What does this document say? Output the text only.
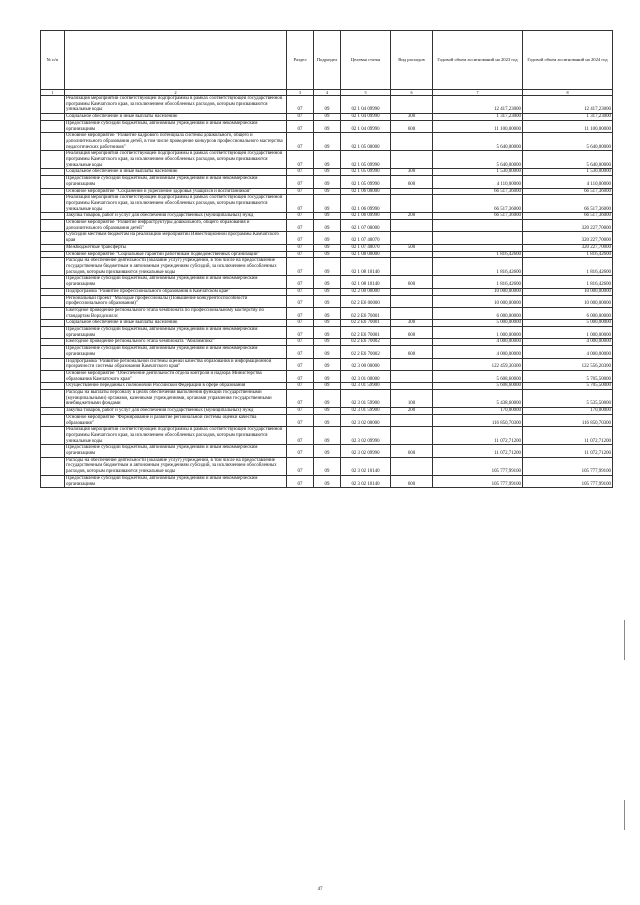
№ п/п		Раздел	Подраздел	Целевая статья	Вид расходов	Годовой объем ассигнований на 2023 год	Годовой объем ассигнований на 2024 год
1	2	3	4	5	6	7	8
	Реализация мероприятий соответствующей подпрограммы в рамках соответствующей государственной программы Камчатского края, за исключением обособленных расходов, которым присваиваются уникальные коды	07	09	02 1 04 09990		12 417,23000	12 417,23000
	Социальное обеспечение и иные выплаты населению	07	09	02 1 04 09990	300	1 317,23000	1 317,23000
	Предоставление субсидий бюджетным, автономным учреждениям и иным некоммерческим организациям	07	09	02 1 04 09990	600	11 100,00000	11 100,00000
	Основное мероприятие "Развитие кадрового потенциала системы дошкольного, общего и дополнительного образования детей, в том числе проведение конкурсов профессионального мастерства педагогических работников"	07	09	02 1 05 00000		5 640,00000	5 640,00000
	Реализация мероприятий соответствующей подпрограммы в рамках соответствующей государственной программы Камчатского края, за исключением обособленных расходов, которым присваиваются уникальные коды	07	09	02 1 05 09990		5 640,00000	5 640,00000
	Социальное обеспечение и иные выплаты населению	07	09	02 1 05 09990	300	1 530,00000	1 530,00000
	Предоставление субсидий бюджетным, автономным учреждениям и иным некоммерческим организациям	07	09	02 1 05 09990	600	4 110,00000	4 110,00000
	Основное мероприятие "Сохранение и укрепление здоровья учащихся и воспитанников"	07	09	02 1 06 00000		66 517,36000	66 517,36000
	Реализация мероприятий соответствующей подпрограммы в рамках соответствующей государственной программы Камчатского края, за исключением обособленных расходов, которым присваиваются уникальные коды	07	09	02 1 06 09990		66 517,36000	66 517,36000
	Закупка товаров, работ и услуг для обеспечения государственных (муниципальных) нужд	07	09	02 1 06 09990	200	66 517,36000	66 517,36000
	Основное мероприятие "Развитие инфраструктуры дошкольного, общего образования и дополнительного образования детей"	07	09	02 1 07 00000			320 227,70000
	Субсидии местным бюджетам на реализацию мероприятий Инвестиционной программы Камчатского края	07	09	02 1 07 40070			320 227,70000
	Межбюджетные трансферты	07	09	02 1 07 40070	500		320 227,70000
	Основное мероприятие "Социальные гарантии работникам подведомственных организаций"	07	09	02 1 08 00000		1 816,42600	1 816,42600
	Расходы на обеспечение деятельности (оказание услуг) учреждений, в том числе на предоставление государственным бюджетным и автономным учреждениям субсидий, за исключением обособленных расходов, которым присваиваются уникальные коды	07	09	02 1 08 10140		1 816,42600	1 816,42600
	Предоставление субсидий бюджетным, автономным учреждениям и иным некоммерческим организациям	07	09	02 1 08 10140	600	1 816,42600	1 816,42600
	Подпрограмма "Развитие профессионального образования в Камчатском крае"	07	09	02 2 00 00000		10 000,00000	10 000,00000
	Региональный проект "Молодые профессионалы (Повышение конкурентоспособности профессионального образования)"	07	09	02 2 E6 00000		10 000,00000	10 000,00000
	Ежегодное проведение регионального этапа чемпионата по профессиональному мастерству по стандартам Ворлдскиллс	07	09	02 2 E6 70001		6 000,00000	6 000,00000
	Социальное обеспечение и иные выплаты населению	07	09	02 2 E6 70001	300	5 000,00000	5 000,00000
	Предоставление субсидий бюджетным, автономным учреждениям и иным некоммерческим организациям	07	09	02 2 E6 70001	600	1 000,00000	1 000,00000
	Ежегодное проведение регионального этапа чемпионата "Абилимпикс"	07	09	02 2 E6 70002		4 000,00000	4 000,00000
	Предоставление субсидий бюджетным, автономным учреждениям и иным некоммерческим организациям	07	09	02 2 E6 70002	600	4 000,00000	4 000,00000
	Подпрограмма "Развитие региональной системы оценки качества образования и информационной прозрачности системы образования Камчатского края"	07	09	02 3 00 00000		122 459,30300	122 556,20300
	Основное мероприятие "Обеспечение деятельности отдела контроля и надзора Министерства образования Камчатского края"	07	09	02 3 01 00000		5 608,60000	5 705,50000
	Осуществление переданных полномочий Российской Федерации в сфере образования	07	09	02 3 01 59900		5 608,60000	5 705,50000
	Расходы на выплаты персоналу в целях обеспечения выполнения функций государственными (муниципальными) органами, казенными учреждениями, органами управления государственными внебюджетными фондами	07	09	02 3 01 59900	100	5 438,60000	5 535,50000
	Закупка товаров, работ и услуг для обеспечения государственных (муниципальных) нужд	07	09	02 3 01 59900	200	170,00000	170,00000
	Основное мероприятие "Формирование и развитие региональной системы оценки качества образования"	07	09	02 3 02 00000		116 850,70300	116 850,70300
	Реализация мероприятий соответствующей подпрограммы в рамках соответствующей государственной программы Камчатского края, за исключением обособленных расходов, которым присваиваются уникальные коды	07	09	02 3 02 09990		11 072,71200	11 072,71200
	Предоставление субсидий бюджетным, автономным учреждениям и иным некоммерческим организациям	07	09	02 3 02 09990	600	11 072,71200	11 072,71200
	Расходы на обеспечение деятельности (оказание услуг) учреждений, в том числе на предоставление государственным бюджетным и автономным учреждениям субсидий, за исключением обособленных расходов, которым присваиваются уникальные коды	07	09	02 3 02 10140		105 777,99100	105 777,99100
	Предоставление субсидий бюджетным, автономным учреждениям и иным некоммерческим организациям	07	09	02 3 02 10140	600	105 777,99100	105 777,99100
47
